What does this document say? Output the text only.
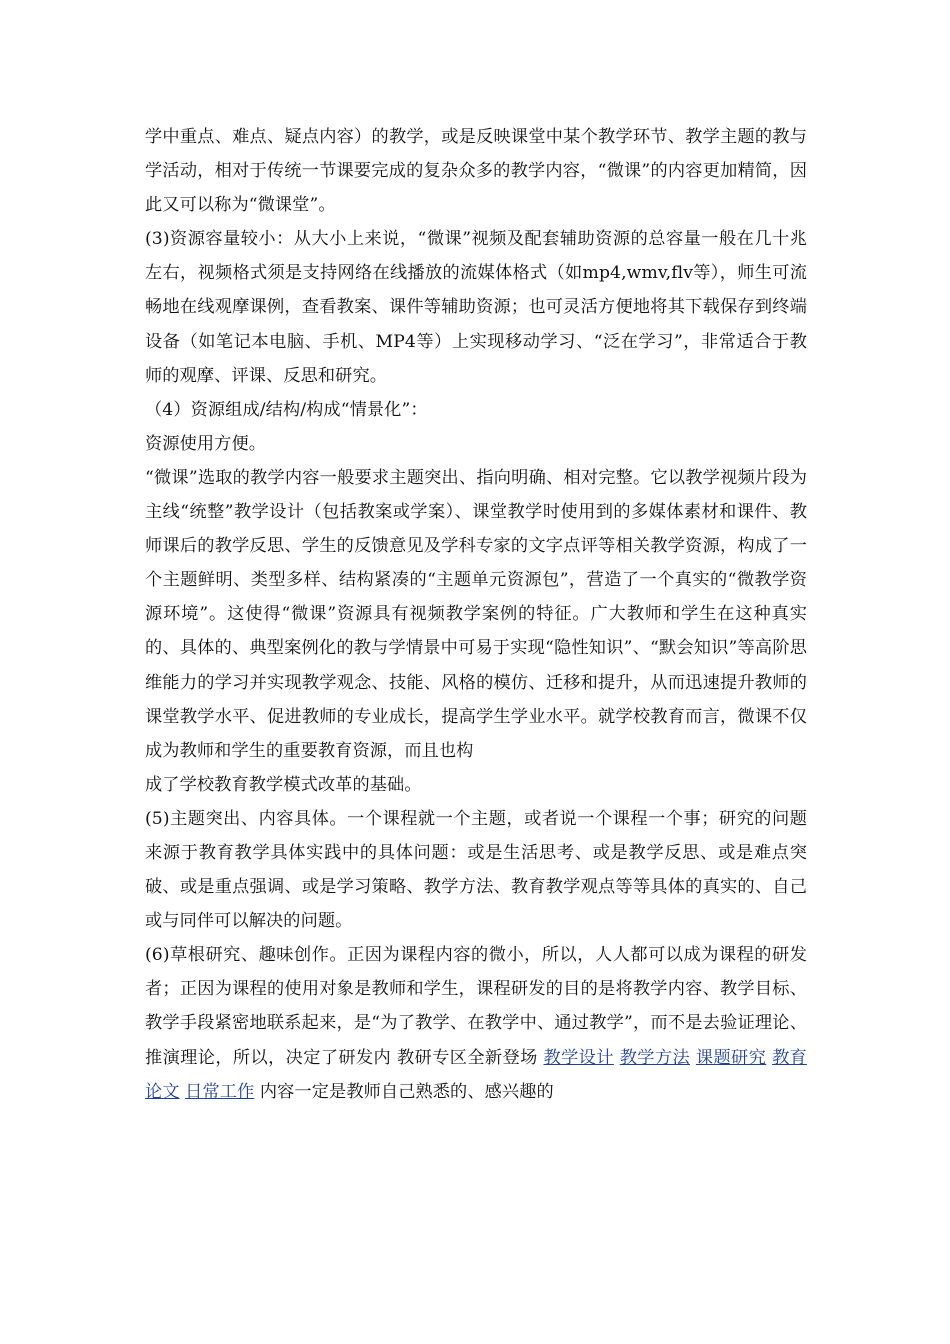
学中重点、难点、疑点内容）的教学，或是反映课堂中某个教学环节、教学主题的教与学活动，相对于传统一节课要完成的复杂众多的教学内容，“微课”的内容更加精简，因此又可以称为“微课堂”。

(3)资源容量较小：从大小上来说，“微课”视频及配套辅助资源的总容量一般在几十兆左右，视频格式须是支持网络在线播放的流媒体格式（如mp4,wmv,flv等），师生可流畅地在线观摩课例，查看教案、课件等辅助资源；也可灵活方便地将其下载保存到终端设备（如笔记本电脑、手机、MP4等）上实现移动学习、“泛在学习”，非常适合于教师的观摩、评课、反思和研究。

（4）资源组成/结构/构成“情景化”：

资源使用方便。

“微课”选取的教学内容一般要求主题突出、指向明确、相对完整。它以教学视频片段为主线“统整”教学设计（包括教案或学案）、课堂教学时使用到的多媒体素材和课件、教师课后的教学反思、学生的反馈意见及学科专家的文字点评等相关教学资源，构成了一个主题鲜明、类型多样、结构紧凑的“主题单元资源包”，营造了一个真实的“微教学资源环境”。这使得“微课”资源具有视频教学案例的特征。广大教师和学生在这种真实的、具体的、典型案例化的教与学情景中可易于实现“隐性知识”、“默会知识”等高阶思维能力的学习并实现教学观念、技能、风格的模仿、迁移和提升，从而迅速提升教师的课堂教学水平、促进教师的专业成长，提高学生学业水平。就学校教育而言，微课不仅成为教师和学生的重要教育资源，而且也构

成了学校教育教学模式改革的基础。

(5)主题突出、内容具体。一个课程就一个主题，或者说一个课程一个事；研究的问题来源于教育教学具体实践中的具体问题：或是生活思考、或是教学反思、或是难点突破、或是重点强调、或是学习策略、教学方法、教育教学观点等等具体的真实的、自己或与同伴可以解决的问题。

(6)草根研究、趣味创作。正因为课程内容的微小，所以，人人都可以成为课程的研发者；正因为课程的使用对象是教师和学生，课程研发的目的是将教学内容、教学目标、教学手段紧密地联系起来，是“为了教学、在教学中、通过教学”，而不是去验证理论、推演理论，所以，决定了研发内 教研专区全新登场 教学设计 教学方法 课题研究 教育论文 日常工作 内容一定是教师自己熟悉的、感兴趣的
